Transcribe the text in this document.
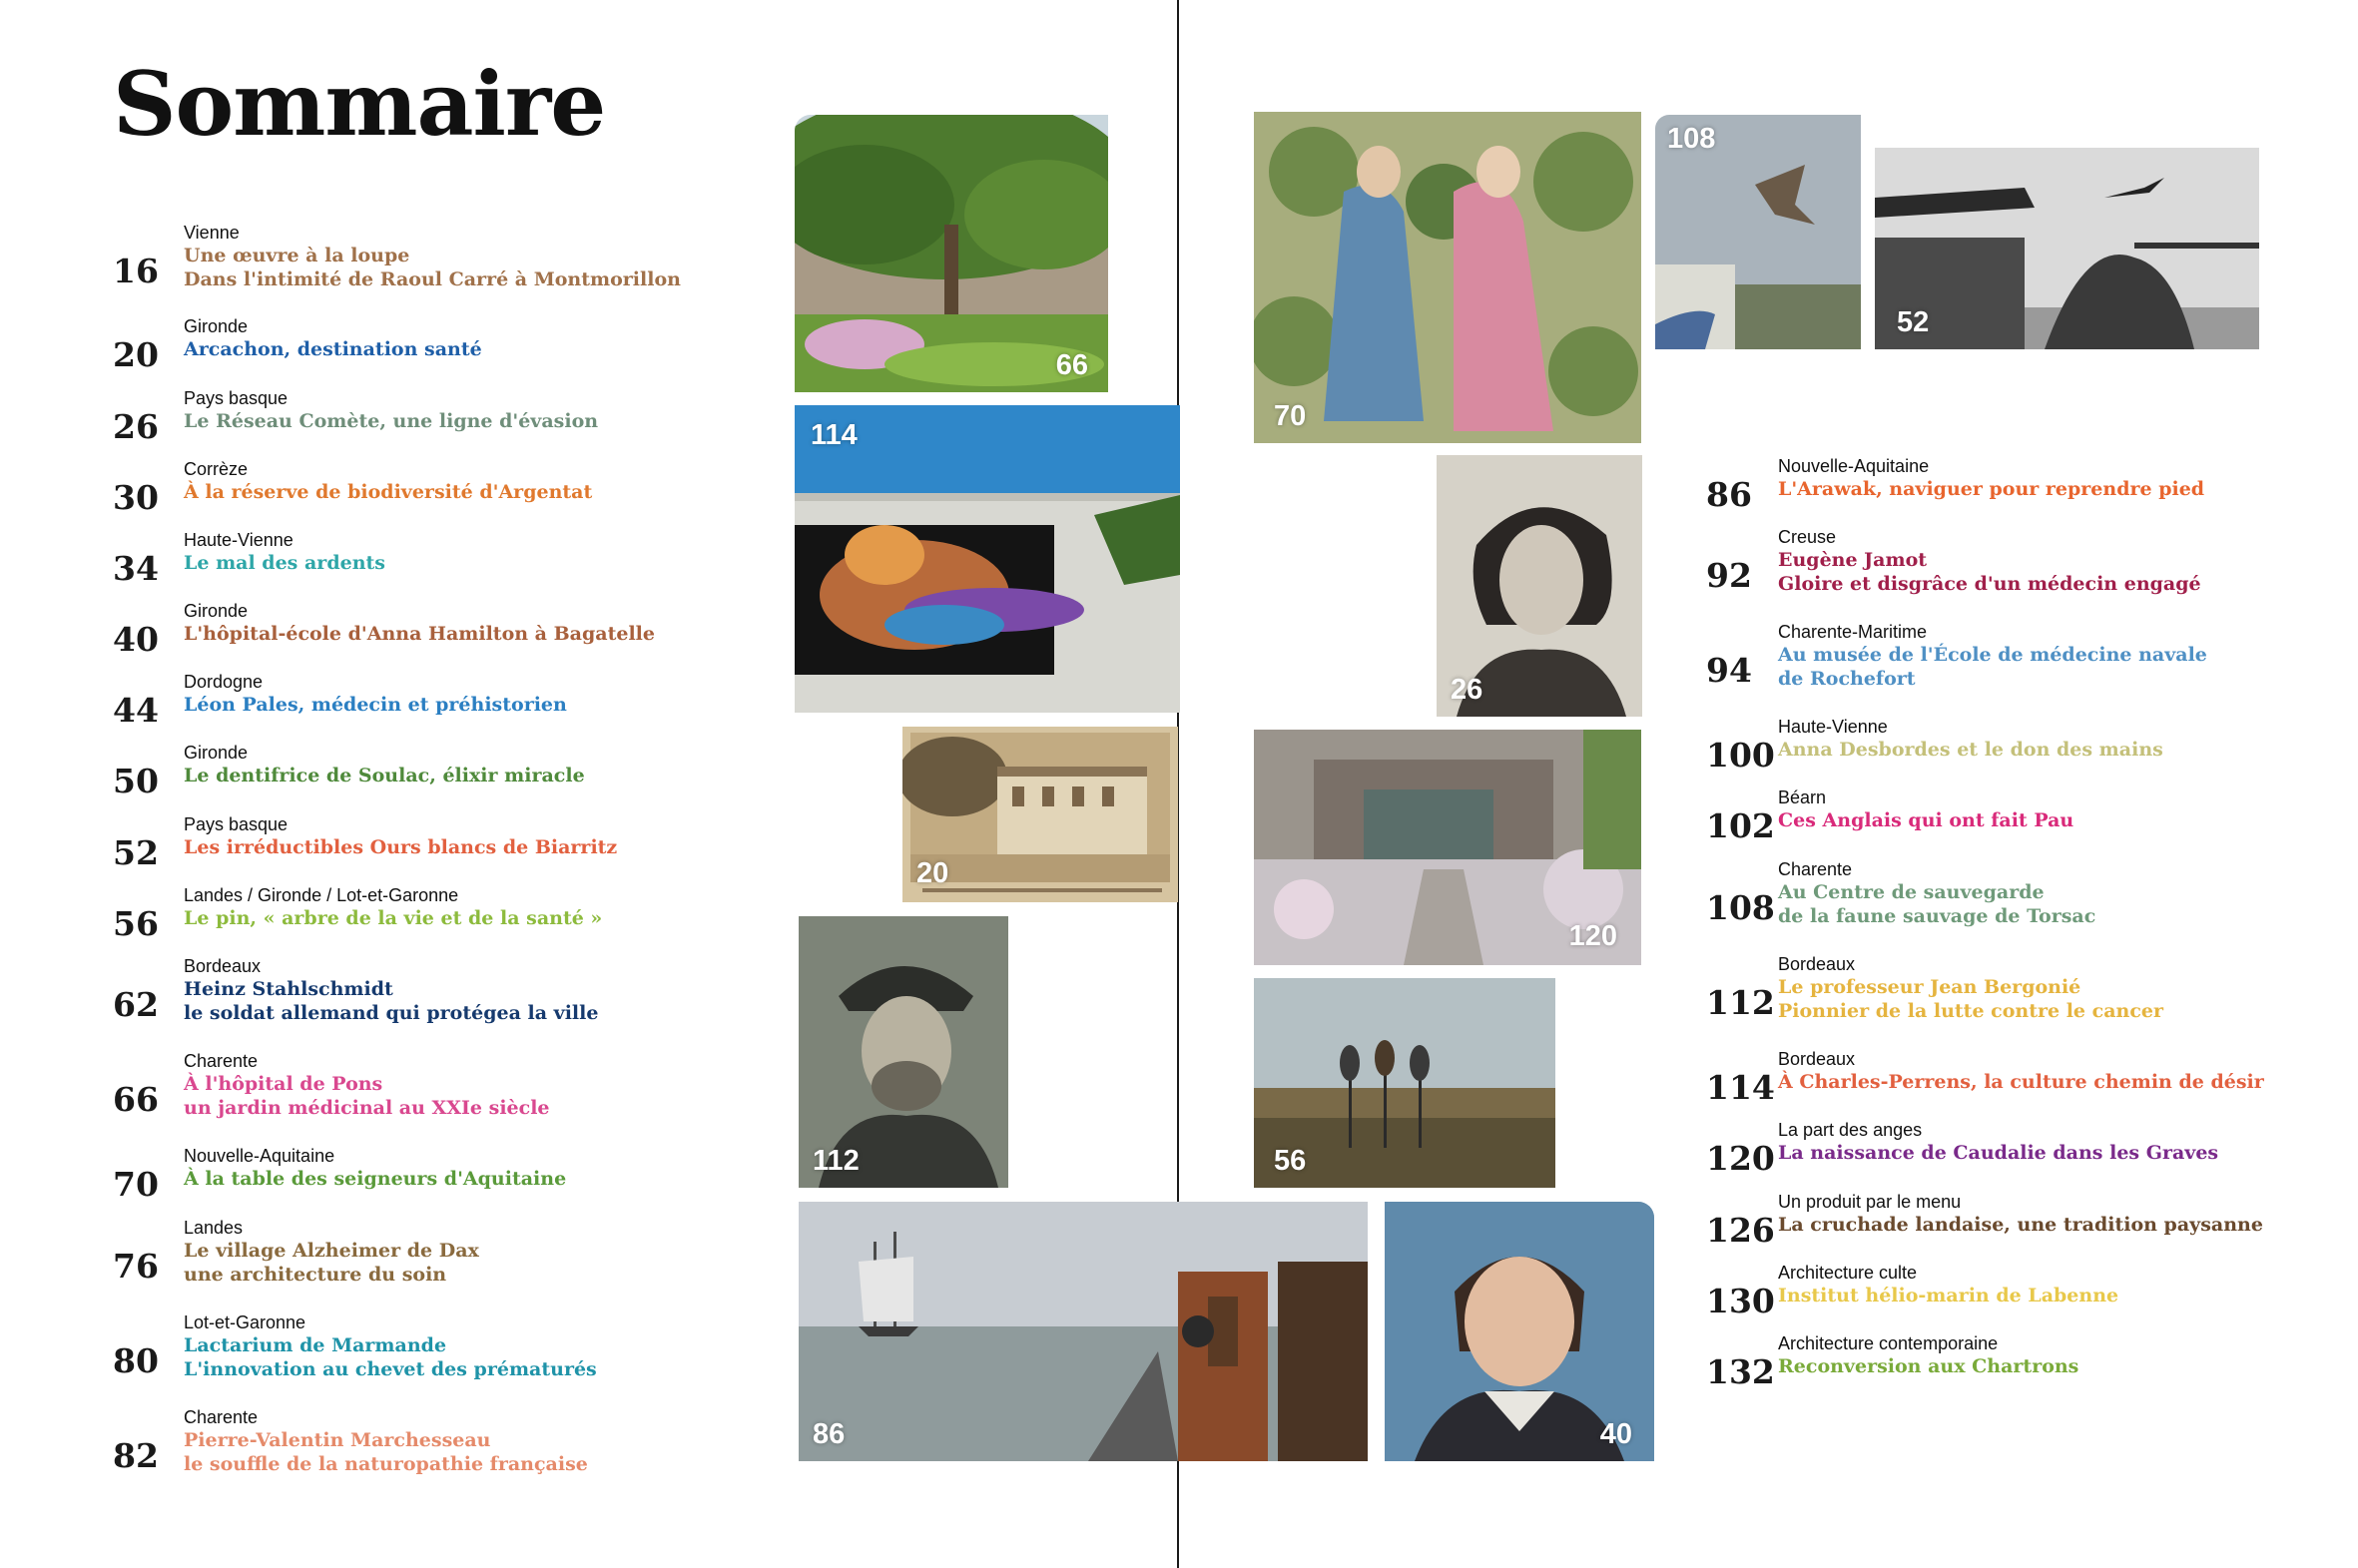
Sommaire
16
Vienne
Une œuvre à la loupe
Dans l'intimité de Raoul Carré à Montmorillon
20
Gironde
Arcachon, destination santé
26
Pays basque
Le Réseau Comète, une ligne d'évasion
30
Corrèze
À la réserve de biodiversité d'Argentat
34
Haute-Vienne
Le mal des ardents
40
Gironde
L'hôpital-école d'Anna Hamilton à Bagatelle
44
Dordogne
Léon Pales, médecin et préhistorien
50
Gironde
Le dentifrice de Soulac, élixir miracle
52
Pays basque
Les irréductibles Ours blancs de Biarritz
56
Landes / Gironde / Lot-et-Garonne
Le pin, « arbre de la vie et de la santé »
62
Bordeaux
Heinz Stahlschmidt
le soldat allemand qui protégea la ville
66
Charente
À l'hôpital de Pons
un jardin médicinal au XXIe siècle
70
Nouvelle-Aquitaine
À la table des seigneurs d'Aquitaine
76
Landes
Le village Alzheimer de Dax
une architecture du soin
80
Lot-et-Garonne
Lactarium de Marmande
L'innovation au chevet des prématurés
82
Charente
Pierre-Valentin Marchesseau
le souffle de la naturopathie française
86
Nouvelle-Aquitaine
L'Arawak, naviguer pour reprendre pied
92
Creuse
Eugène Jamot
Gloire et disgrâce d'un médecin engagé
94
Charente-Maritime
Au musée de l'École de médecine navale
de Rochefort
100
Haute-Vienne
Anna Desbordes et le don des mains
102
Béarn
Ces Anglais qui ont fait Pau
108
Charente
Au Centre de sauvegarde
de la faune sauvage de Torsac
112
Bordeaux
Le professeur Jean Bergonié
Pionnier de la lutte contre le cancer
114
Bordeaux
À Charles-Perrens, la culture chemin de désir
120
La part des anges
La naissance de Caudalie dans les Graves
126
Un produit par le menu
La cruchade landaise, une tradition paysanne
130
Architecture culte
Institut hélio-marin de Labenne
132
Architecture contemporaine
Reconversion aux Chartrons
66
114
20
112
86
70
108
52
26
120
56
40
